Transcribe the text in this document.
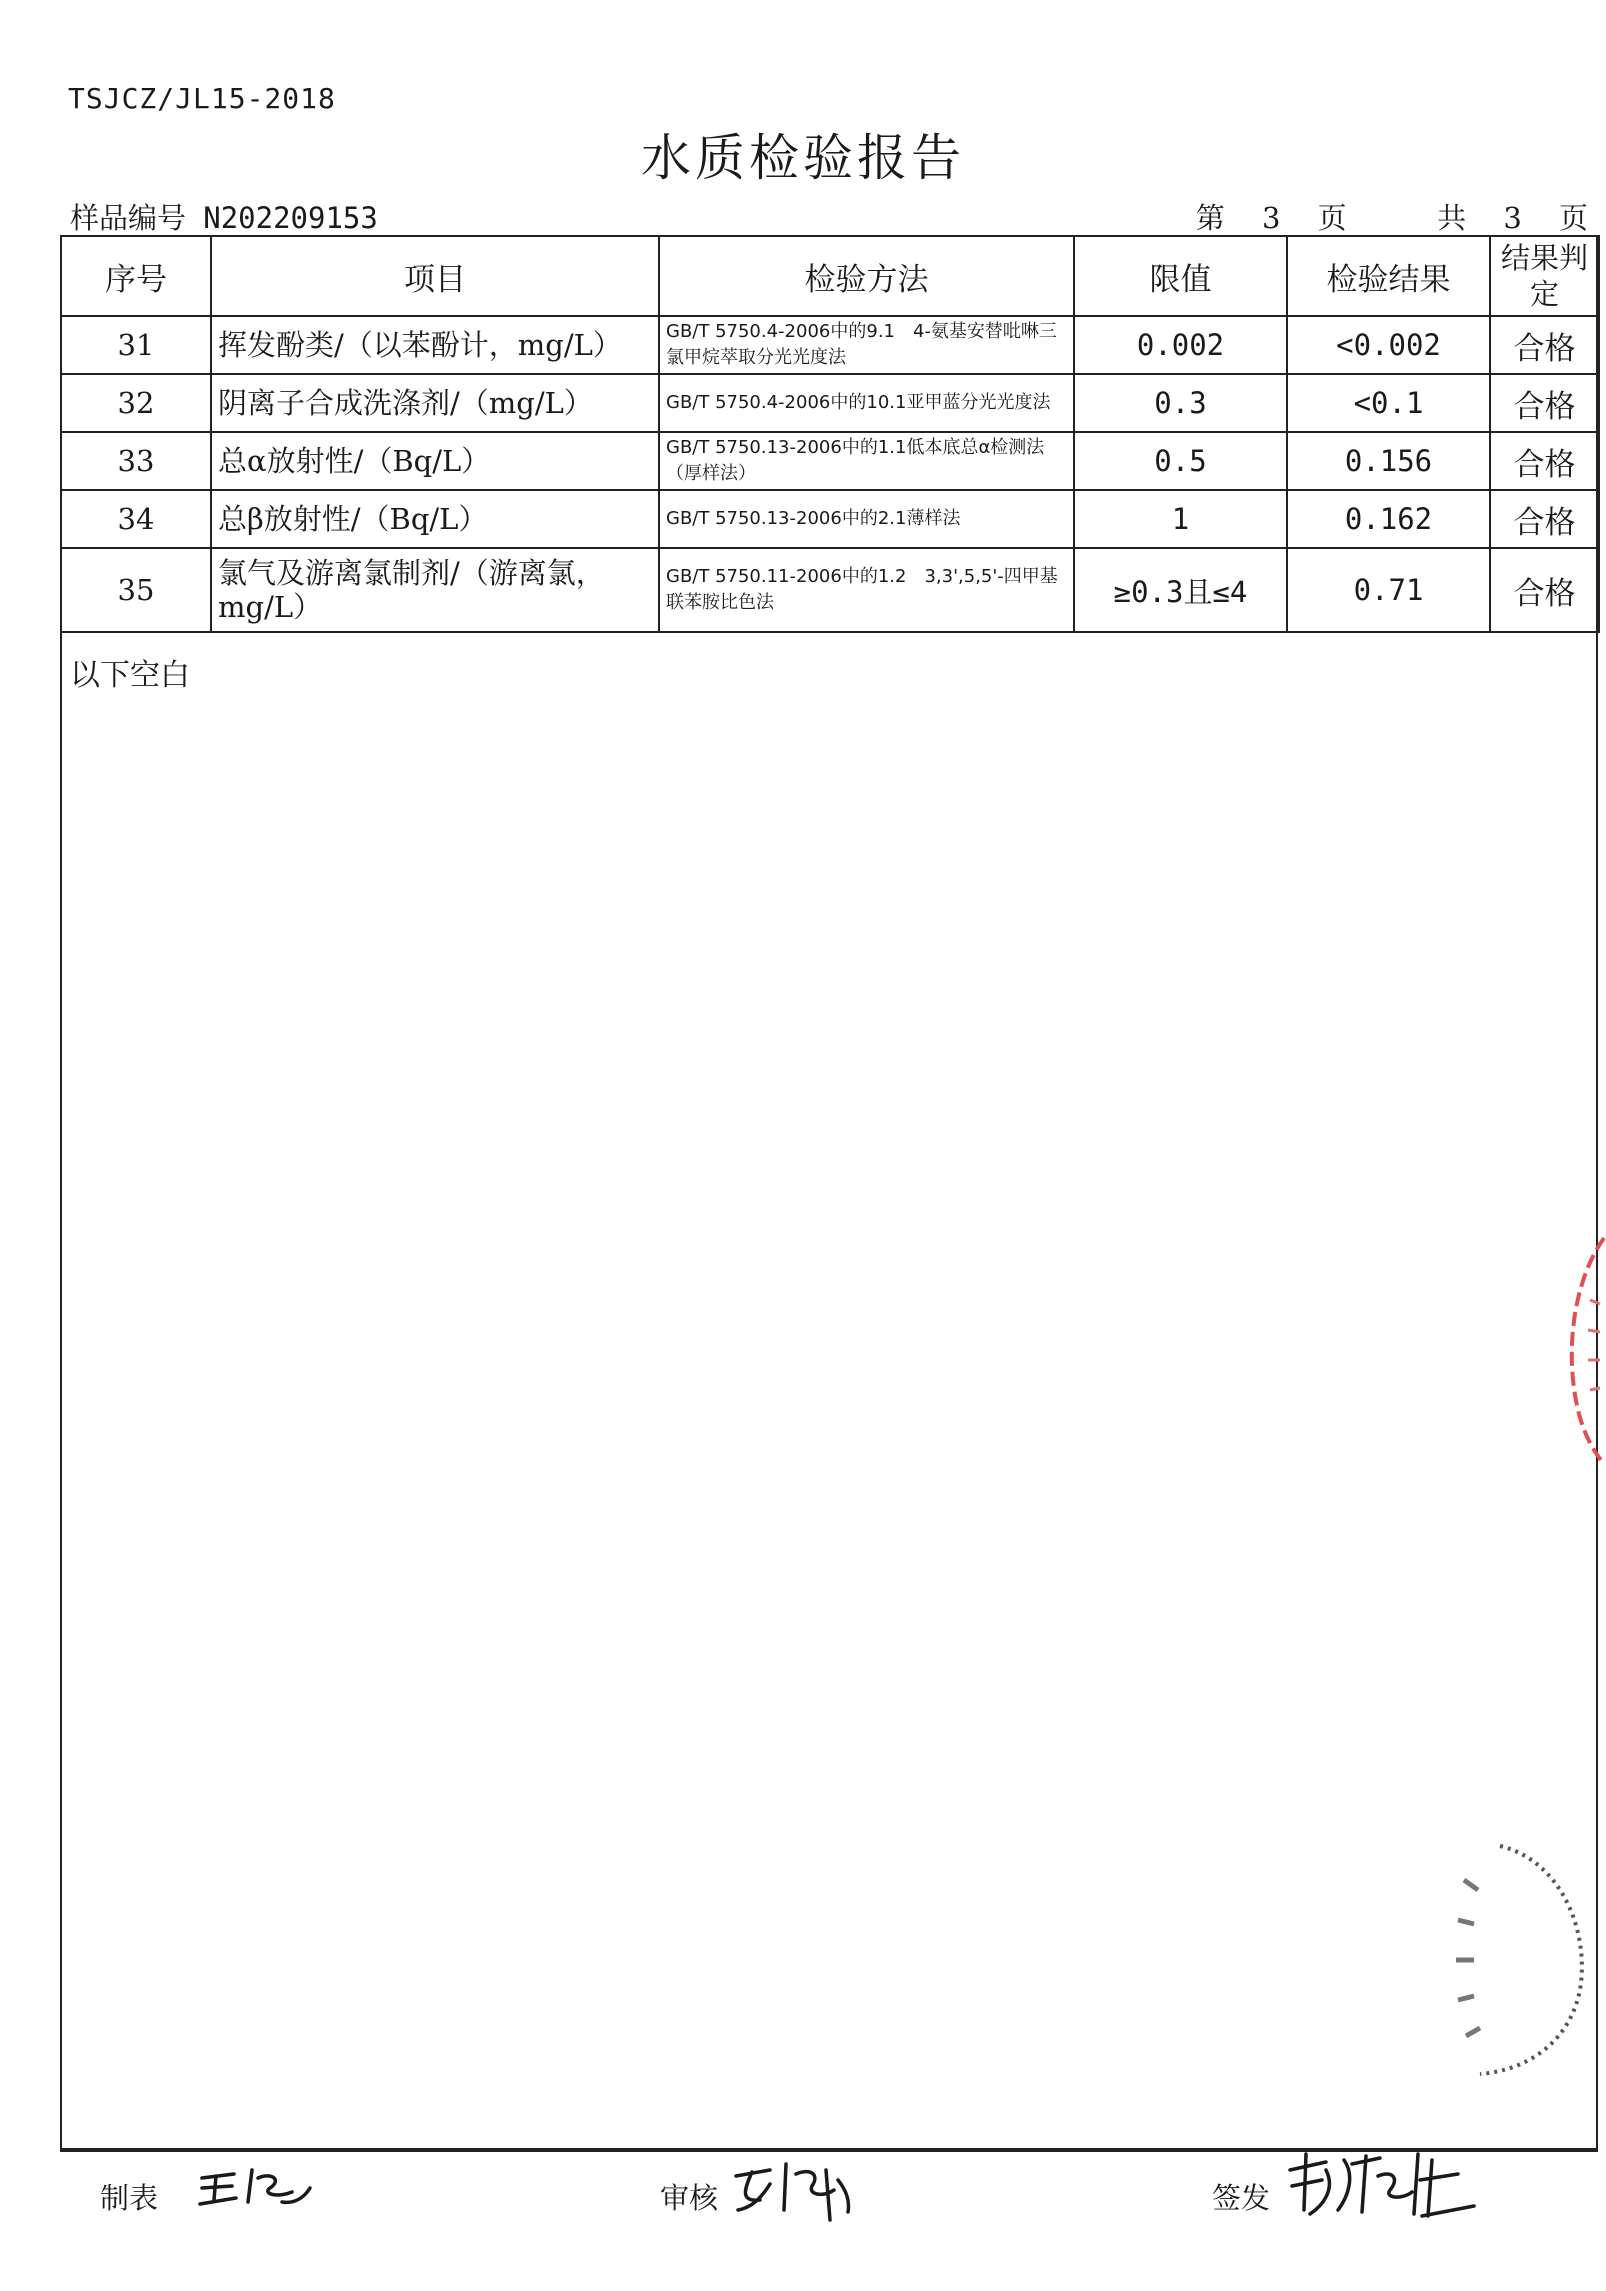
TSJCZ/JL15-2018
水质检验报告
样品编号 N202209153	第 3 页	共 3 页
序号	项目	检验方法	限值	检验结果	结果判定
31	挥发酚类/（以苯酚计，mg/L）	GB/T 5750.4-2006中的9.1　4-氨基安替吡啉三氯甲烷萃取分光光度法	0.002	<0.002	合格
32	阴离子合成洗涤剂/（mg/L）	GB/T 5750.4-2006中的10.1亚甲蓝分光光度法	0.3	<0.1	合格
33	总α放射性/（Bq/L）	GB/T 5750.13-2006中的1.1低本底总α检测法（厚样法）	0.5	0.156	合格
34	总β放射性/（Bq/L）	GB/T 5750.13-2006中的2.1薄样法	1	0.162	合格
35	氯气及游离氯制剂/（游离氯，mg/L）	GB/T 5750.11-2006中的1.2　3,3',5,5'-四甲基联苯胺比色法	≥0.3且≤4	0.71	合格
以下空白
制表	审核	签发
